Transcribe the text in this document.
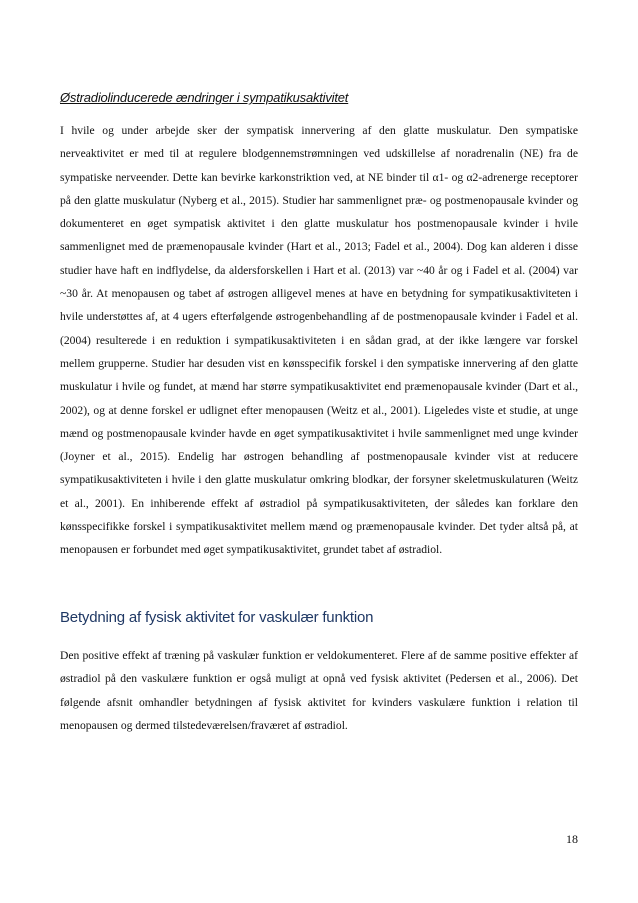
Østradiolinducerede ændringer i sympatikusaktivitet

I hvile og under arbejde sker der sympatisk innervering af den glatte muskulatur. Den sympatiske nerveaktivitet er med til at regulere blodgennemstrømningen ved udskillelse af noradrenalin (NE) fra de sympatiske nerveender. Dette kan bevirke karkonstriktion ved, at NE binder til α1- og α2-adrenerge receptorer på den glatte muskulatur (Nyberg et al., 2015). Studier har sammenlignet præ- og postmenopausale kvinder og dokumenteret en øget sympatisk aktivitet i den glatte muskulatur hos postmenopausale kvinder i hvile sammenlignet med de præmenopausale kvinder (Hart et al., 2013; Fadel et al., 2004). Dog kan alderen i disse studier have haft en indflydelse, da aldersforskellen i Hart et al. (2013) var ~40 år og i Fadel et al. (2004) var ~30 år. At menopausen og tabet af østrogen alligevel menes at have en betydning for sympatikusaktiviteten i hvile understøttes af, at 4 ugers efterfølgende østrogenbehandling af de postmenopausale kvinder i Fadel et al. (2004) resulterede i en reduktion i sympatikusaktiviteten i en sådan grad, at der ikke længere var forskel mellem grupperne. Studier har desuden vist en kønsspecifik forskel i den sympatiske innervering af den glatte muskulatur i hvile og fundet, at mænd har større sympatikusaktivitet end præmenopausale kvinder (Dart et al., 2002), og at denne forskel er udlignet efter menopausen (Weitz et al., 2001). Ligeledes viste et studie, at unge mænd og postmenopausale kvinder havde en øget sympatikusaktivitet i hvile sammenlignet med unge kvinder (Joyner et al., 2015). Endelig har østrogen behandling af postmenopausale kvinder vist at reducere sympatikusaktiviteten i hvile i den glatte muskulatur omkring blodkar, der forsyner skeletmuskulaturen (Weitz et al., 2001). En inhiberende effekt af østradiol på sympatikusaktiviteten, der således kan forklare den kønsspecifikke forskel i sympatikusaktivitet mellem mænd og præmenopausale kvinder. Det tyder altså på, at menopausen er forbundet med øget sympatikusaktivitet, grundet tabet af østradiol.

Betydning af fysisk aktivitet for vaskulær funktion

Den positive effekt af træning på vaskulær funktion er veldokumenteret. Flere af de samme positive effekter af østradiol på den vaskulære funktion er også muligt at opnå ved fysisk aktivitet (Pedersen et al., 2006). Det følgende afsnit omhandler betydningen af fysisk aktivitet for kvinders vaskulære funktion i relation til menopausen og dermed tilstedeværelsen/fraværet af østradiol.

18
